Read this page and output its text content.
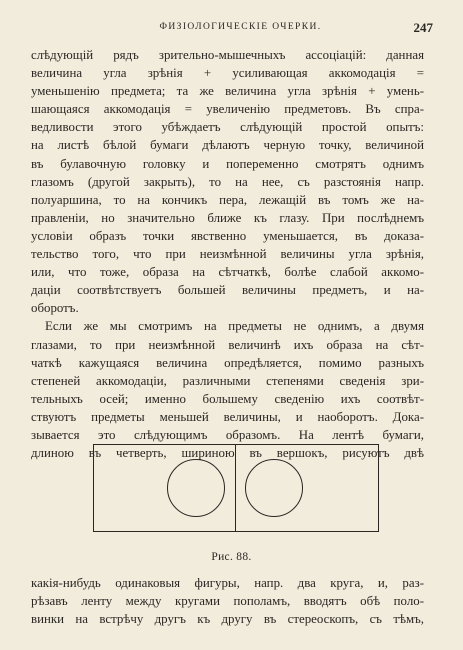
ФИЗІОЛОГИЧЕСКІЕ ОЧЕРКИ.	247
слѣдующій рядъ зрительно-мышечныхъ ассоціацій: данная
величина угла зрѣнія + усиливающая аккомодація =
уменьшенію предмета; та же величина угла зрѣнія + умень-
шающаяся аккомодація = увеличенію предметовъ. Въ спра-
ведливости этого убѣждаетъ слѣдующій простой опытъ:
на листѣ бѣлой бумаги дѣлаютъ черную точку, величиной
въ булавочную головку и попеременно смотрятъ однимъ
глазомъ (другой закрыть), то на нее, съ разстоянія напр.
полуаршина, то на кончикъ пера, лежащій въ томъ же на-
правленіи, но значительно ближе къ глазу. При послѣднемъ
условіи образъ точки явственно уменьшается, въ доказа-
тельство того, что при неизмѣнной величины угла зрѣнія,
или, что тоже, образа на сѣтчаткѣ, болѣе слабой аккомо-
даціи соотвѣтствуетъ большей величины предметъ, и на-
оборотъ.
Если же мы смотримъ на предметы не однимъ, а двумя
глазами, то при неизмѣнной величинѣ ихъ образа на сѣт-
чаткѣ кажущаяся величина опредѣляется, помимо разныхъ
степеней аккомодаціи, различными степенями сведенія зри-
тельныхъ осей; именно большему сведенію ихъ соотвѣт-
ствуютъ предметы меньшей величины, и наоборотъ. Дока-
зывается это слѣдующимъ образомъ. На лентѣ бумаги,
длиною въ четверть, шириною въ вершокъ, рисуютъ двѣ
Рис. 88.
какія-нибудь одинаковыя фигуры, напр. два круга, и, раз-
рѣзавъ ленту между кругами пополамъ, вводятъ обѣ поло-
винки на встрѣчу другъ къ другу въ стереоскопъ, съ тѣмъ,
